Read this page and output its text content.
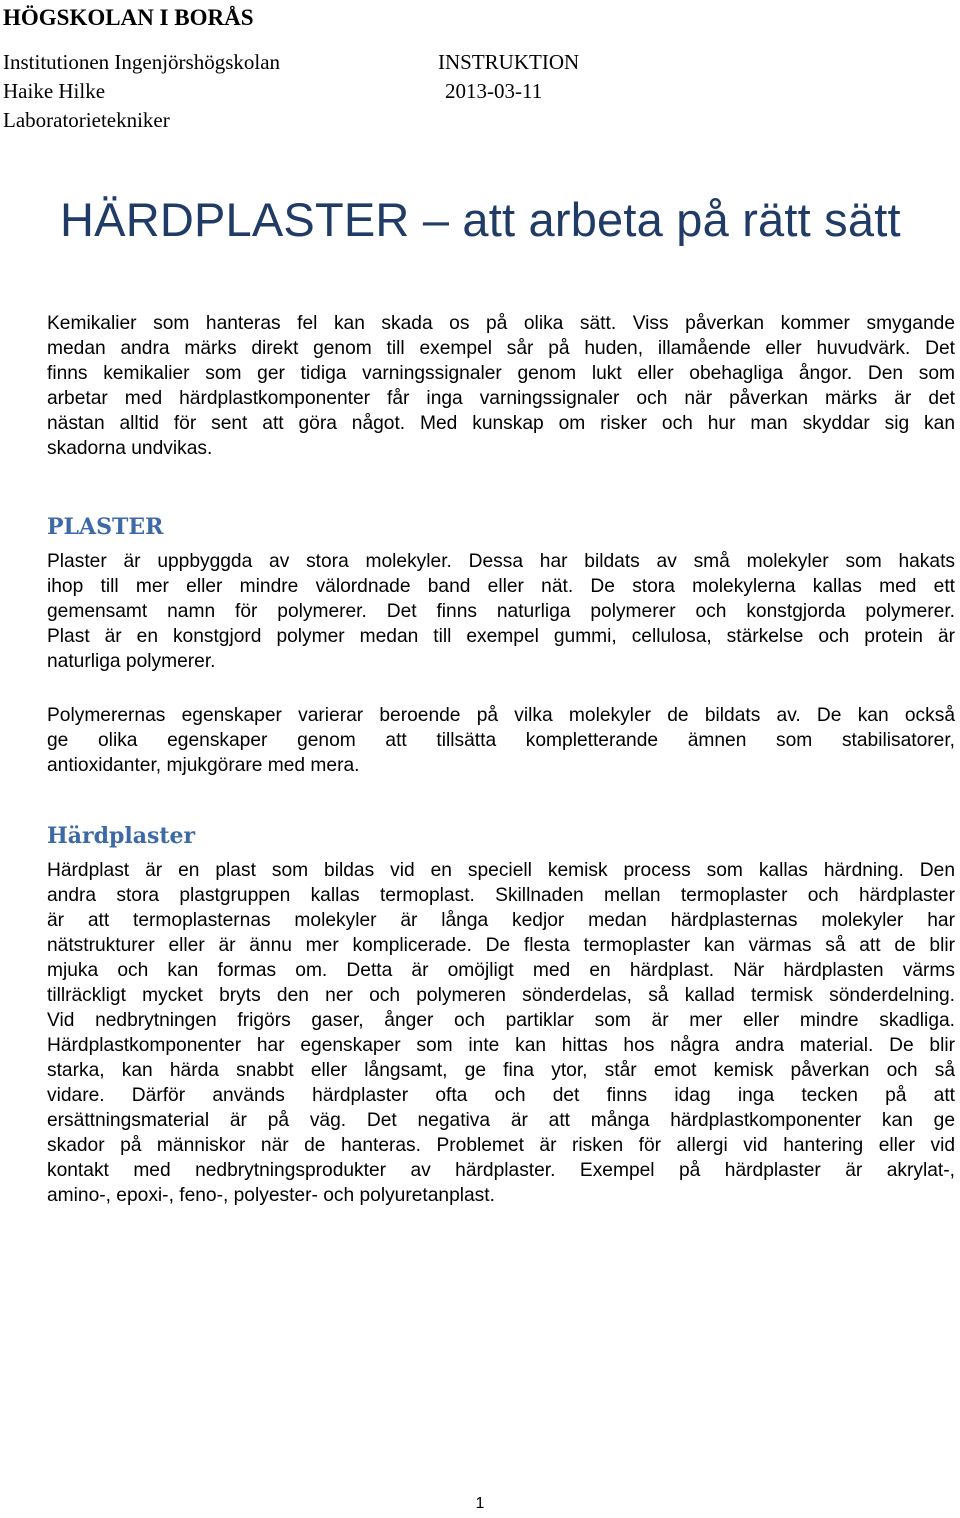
HÖGSKOLAN I BORÅS
Institutionen Ingenjörshögskolan
Haike Hilke
Laboratorietekniker
INSTRUKTION
2013-03-11
HÄRDPLASTER – att arbeta på rätt sätt
Kemikalier som hanteras fel kan skada os på olika sätt. Viss påverkan kommer smygande
medan andra märks direkt genom till exempel sår på huden, illamående eller huvudvärk. Det
finns kemikalier som ger tidiga varningssignaler genom lukt eller obehagliga ångor. Den som
arbetar med härdplastkomponenter får inga varningssignaler och när påverkan märks är det
nästan alltid för sent att göra något. Med kunskap om risker och hur man skyddar sig kan
skadorna undvikas.
PLASTER
Plaster är uppbyggda av stora molekyler. Dessa har bildats av små molekyler som hakats
ihop till mer eller mindre välordnade band eller nät. De stora molekylerna kallas med ett
gemensamt namn för polymerer. Det finns naturliga polymerer och konstgjorda polymerer.
Plast är en konstgjord polymer medan till exempel gummi, cellulosa, stärkelse och protein är
naturliga polymerer.
Polymerernas egenskaper varierar beroende på vilka molekyler de bildats av. De kan också
ge olika egenskaper genom att tillsätta kompletterande ämnen som stabilisatorer,
antioxidanter, mjukgörare med mera.
Härdplaster
Härdplast är en plast som bildas vid en speciell kemisk process som kallas härdning. Den
andra stora plastgruppen kallas termoplast. Skillnaden mellan termoplaster och härdplaster
är att termoplasternas molekyler är långa kedjor medan härdplasternas molekyler har
nätstrukturer eller är ännu mer komplicerade. De flesta termoplaster kan värmas så att de blir
mjuka och kan formas om. Detta är omöjligt med en härdplast. När härdplasten värms
tillräckligt mycket bryts den ner och polymeren sönderdelas, så kallad termisk sönderdelning.
Vid nedbrytningen frigörs gaser, ånger och partiklar som är mer eller mindre skadliga.
Härdplastkomponenter har egenskaper som inte kan hittas hos några andra material. De blir
starka, kan härda snabbt eller långsamt, ge fina ytor, står emot kemisk påverkan och så
vidare. Därför används härdplaster ofta och det finns idag inga tecken på att
ersättningsmaterial är på väg. Det negativa är att många härdplastkomponenter kan ge
skador på människor när de hanteras. Problemet är risken för allergi vid hantering eller vid
kontakt med nedbrytningsprodukter av härdplaster. Exempel på härdplaster är akrylat-,
amino-, epoxi-, feno-, polyester- och polyuretanplast.
1
